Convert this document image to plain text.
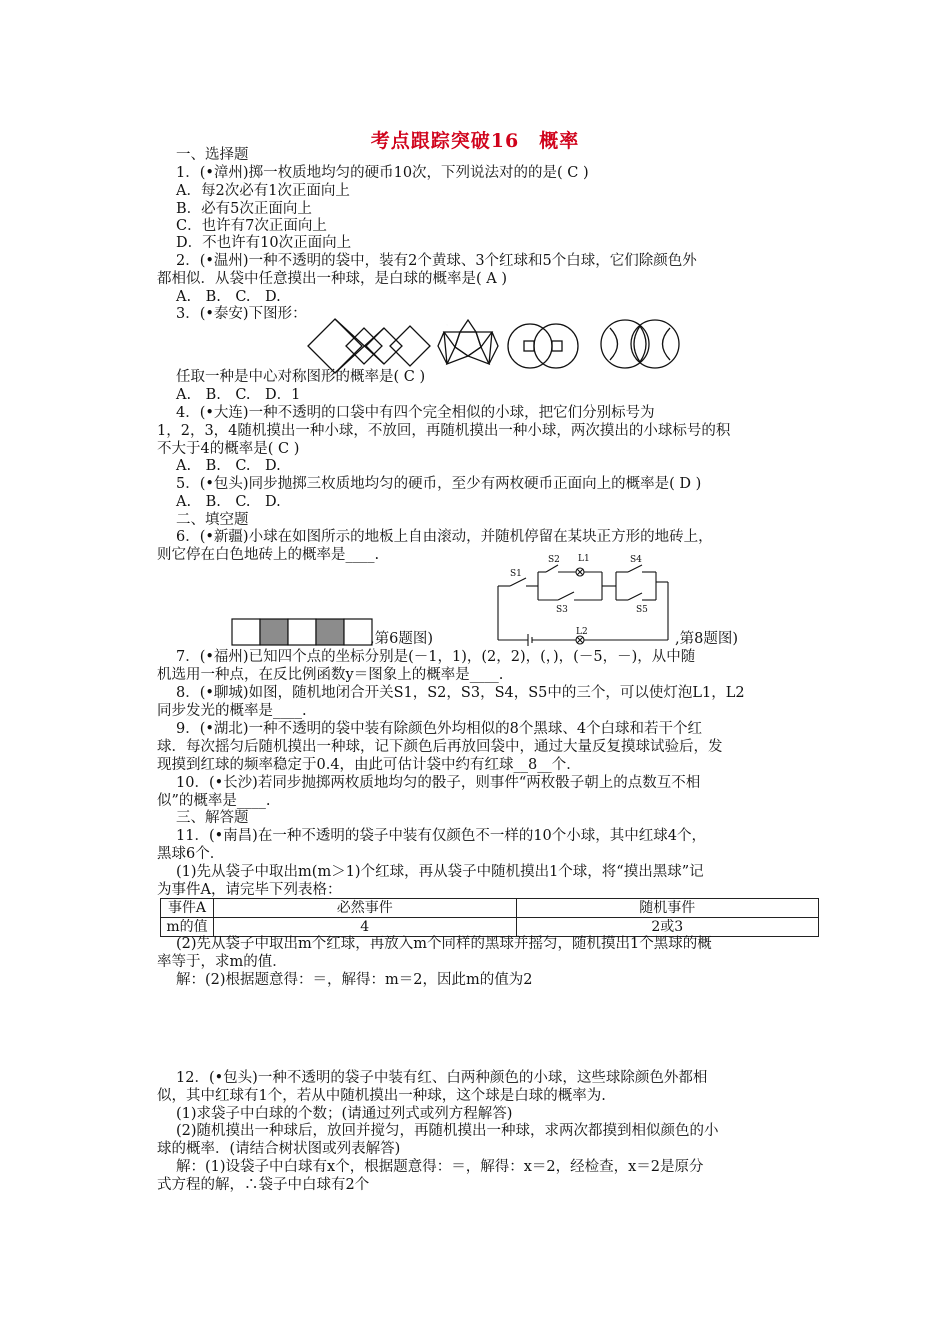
考点跟踪突破16　概率
一、选择题
1．(•漳州)掷一枚质地均匀的硬币10次，下列说法对的的是( C )
A．每2次必有1次正面向上
B．必有5次正面向上
C．也许有7次正面向上
D．不也许有10次正面向上
2．(•温州)一种不透明的袋中，装有2个黄球、3个红球和5个白球，它们除颜色外
都相似．从袋中任意摸出一种球，是白球的概率是( A )
A.　B.　C.　D.
3．(•泰安)下图形：
任取一种是中心对称图形的概率是( C )
A.　B.　C.　D．1
4．(•大连)一种不透明的口袋中有四个完全相似的小球，把它们分别标号为
1，2，3，4随机摸出一种小球，不放回，再随机摸出一种小球，两次摸出的小球标号的积
不大于4的概率是( C )
A.　B.　C.　D.
5．(•包头)同步抛掷三枚质地均匀的硬币，至少有两枚硬币正面向上的概率是( D )
A.　B.　C.　D.
二、填空题
6．(•新疆)小球在如图所示的地板上自由滚动，并随机停留在某块正方形的地砖上，
则它停在白色地砖上的概率是____.
S1
S2 L1	S4
S3	S5
L2
,第6题图)	,第8题图)
7．(•福州)已知四个点的坐标分别是(－1，1)，(2，2)，(，)，(－5，－)，从中随
机选用一种点，在反比例函数y＝图象上的概率是____.
8．(•聊城)如图，随机地闭合开关S1，S2，S3，S4，S5中的三个，可以使灯泡L1，L2
同步发光的概率是____.
9．(•湖北)一种不透明的袋中装有除颜色外均相似的8个黑球、4个白球和若干个红
球．每次摇匀后随机摸出一种球，记下颜色后再放回袋中，通过大量反复摸球试验后，发
现摸到红球的频率稳定于0.4，由此可估计袋中约有红球__8__个．
10．(•长沙)若同步抛掷两枚质地均匀的骰子，则事件“两枚骰子朝上的点数互不相
似”的概率是____.
三、解答题
11．(•南昌)在一种不透明的袋子中装有仅颜色不一样的10个小球，其中红球4个，
黑球6个．
(1)先从袋子中取出m(m＞1)个红球，再从袋子中随机摸出1个球，将“摸出黑球”记
为事件A，请完毕下列表格：
事件A	必然事件	随机事件
m的值	4	2或3
(2)先从袋子中取出m个红球，再放入m个同样的黑球并摇匀，随机摸出1个黑球的概
率等于，求m的值．
解：(2)根据题意得：＝，解得：m＝2，因此m的值为2
12．(•包头)一种不透明的袋子中装有红、白两种颜色的小球，这些球除颜色外都相
似，其中红球有1个，若从中随机摸出一种球，这个球是白球的概率为.
(1)求袋子中白球的个数；(请通过列式或列方程解答)
(2)随机摸出一种球后，放回并搅匀，再随机摸出一种球，求两次都摸到相似颜色的小
球的概率．(请结合树状图或列表解答)
解：(1)设袋子中白球有x个，根据题意得：＝，解得：x＝2，经检查，x＝2是原分
式方程的解，∴袋子中白球有2个
